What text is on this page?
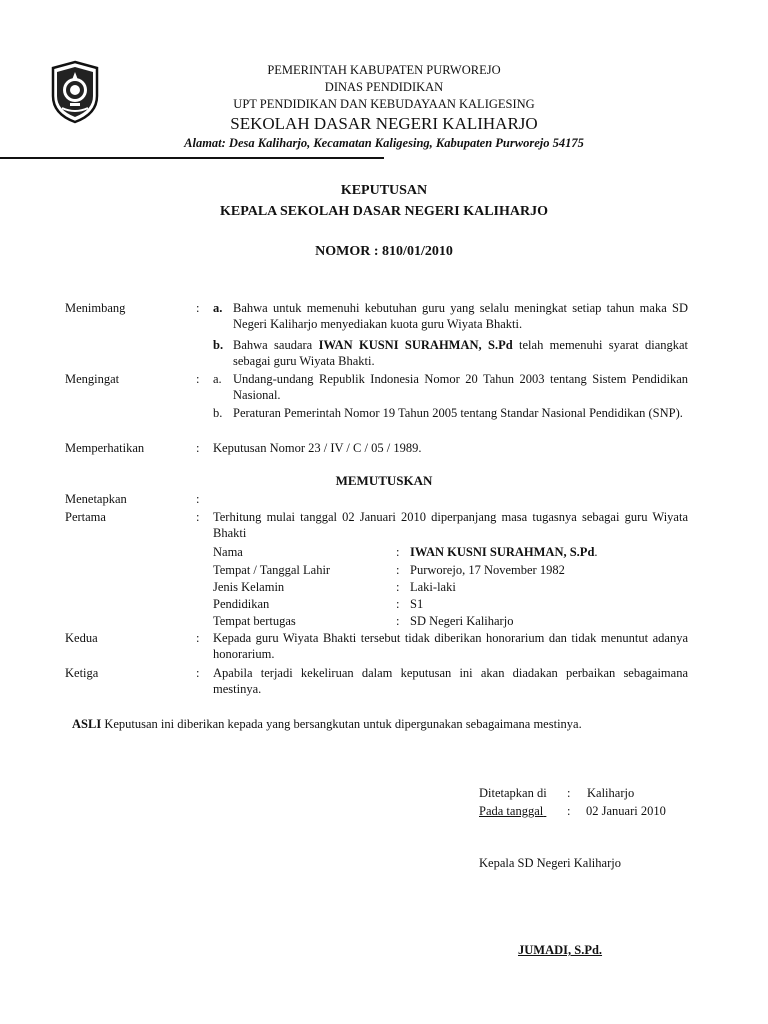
PEMERINTAH KABUPATEN PURWOREJO
DINAS PENDIDIKAN
UPT PENDIDIKAN DAN KEBUDAYAAN KALIGESING
SEKOLAH DASAR NEGERI KALIHARJO
Alamat: Desa Kaliharjo, Kecamatan Kaligesing, Kabupaten Purworejo 54175
KEPUTUSAN
KEPALA SEKOLAH DASAR NEGERI KALIHARJO
NOMOR : 810/01/2010
Menimbang	: a. Bahwa untuk memenuhi kebutuhan guru yang selalu meningkat setiap tahun maka SD Negeri Kaliharjo menyediakan kuota guru Wiyata Bhakti.
b. Bahwa saudara IWAN KUSNI SURAHMAN, S.Pd telah memenuhi syarat diangkat sebagai guru Wiyata Bhakti.
Mengingat	: a. Undang-undang Republik Indonesia Nomor 20 Tahun 2003 tentang Sistem Pendidikan Nasional.
b. Peraturan Pemerintah Nomor 19 Tahun 2005 tentang Standar Nasional Pendidikan (SNP).
Memperhatikan	: Keputusan Nomor 23 / IV / C / 05 / 1989.
MEMUTUSKAN
Menetapkan	:
Pertama	: Terhitung mulai tanggal 02 Januari 2010 diperpanjang masa tugasnya sebagai guru Wiyata Bhakti
Nama	: IWAN KUSNI SURAHMAN, S.Pd.
Tempat / Tanggal Lahir	: Purworejo, 17 November 1982
Jenis Kelamin	: Laki-laki
Pendidikan	: S1
Tempat bertugas	: SD Negeri Kaliharjo
Kedua	: Kepada guru Wiyata Bhakti tersebut tidak diberikan honorarium dan tidak menuntut adanya honorarium.
Ketiga	: Apabila terjadi kekeliruan dalam keputusan ini akan diadakan perbaikan sebagaimana mestinya.
ASLI Keputusan ini diberikan kepada yang bersangkutan untuk dipergunakan sebagaimana mestinya.
Ditetapkan di : Kaliharjo
Pada tanggal : 02 Januari 2010

Kepala SD Negeri Kaliharjo
JUMADI, S.Pd.
